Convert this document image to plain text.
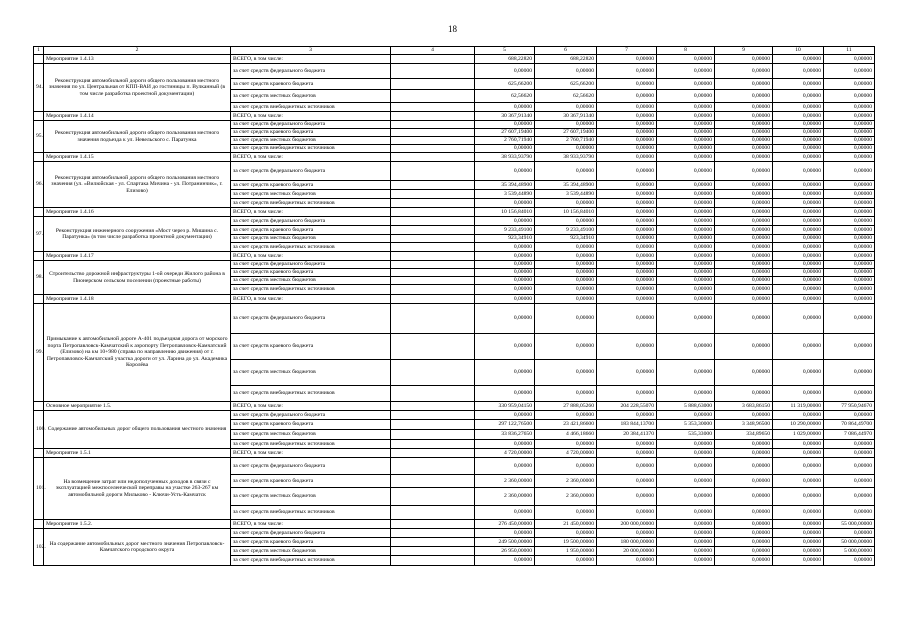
18
1	2	3	4	5	6	7	8	9	10	11
	Мероприятие 1.4.13	ВСЕГО, в том числе:		688,22820	688,22820	0,00000	0,00000	0,00000	0,00000	0,00000
94.	Реконструкция автомобильной дороги общего пользования местного значения по ул. Центральная от КПП-ВАИ до гостиницы п. Вулканный (в том числе разработка проектной документации)	за счет средств федерального бюджета		0,00000	0,00000	0,00000	0,00000	0,00000	0,00000	0,00000
		за счет средств краевого бюджета		625,66200	625,66200	0,00000	0,00000	0,00000	0,00000	0,00000
		за счет средств местных бюджетов		62,56620	62,56620	0,00000	0,00000	0,00000	0,00000	0,00000
		за счет средств внебюджетных источников		0,00000	0,00000	0,00000	0,00000	0,00000	0,00000	0,00000
	Мероприятие 1.4.14	ВСЕГО, в том числе:		30 367,91340	30 367,91340	0,00000	0,00000	0,00000	0,00000	0,00000
95.	Реконструкция автомобильной дороги общего пользования местного значения подъезда к ул. Невельского с. Паратунка	за счет средств федерального бюджета		0,00000	0,00000	0,00000	0,00000	0,00000	0,00000	0,00000
		за счет средств краевого бюджета		27 607,19400	27 607,19400	0,00000	0,00000	0,00000	0,00000	0,00000
		за счет средств местных бюджетов		2 760,71940	2 760,71940	0,00000	0,00000	0,00000	0,00000	0,00000
		за счет средств внебюджетных источников		0,00000	0,00000	0,00000	0,00000	0,00000	0,00000	0,00000
	Мероприятие 1.4.15	ВСЕГО, в том числе:		38 933,93790	38 933,93790	0,00000	0,00000	0,00000	0,00000	0,00000
96.	Реконструкция автомобильной дороги общего пользования местного значения (ул. «Вилюйская - ул. Спартака Мичина - ул. Потранинчик», г. Елизово)	за счет средств федерального бюджета		0,00000	0,00000	0,00000	0,00000	0,00000	0,00000	0,00000
		за счет средств краевого бюджета		35 394,48900	35 394,48900	0,00000	0,00000	0,00000	0,00000	0,00000
		за счет средств местных бюджетов		3 539,44890	3 539,44890	0,00000	0,00000	0,00000	0,00000	0,00000
		за счет средств внебюджетных источников		0,00000	0,00000	0,00000	0,00000	0,00000	0,00000	0,00000
	Мероприятие 1.4.16	ВСЕГО, в том числе:		10 156,84010	10 156,84010	0,00000	0,00000	0,00000	0,00000	0,00000
97.	Реконструкция инженерного сооружения «Мост через р. Мишина с. Паратунка» (в том числе разработка проектной документации)	за счет средств федерального бюджета		0,00000	0,00000	0,00000	0,00000	0,00000	0,00000	0,00000
		за счет средств краевого бюджета		9 233,49100	9 233,49100	0,00000	0,00000	0,00000	0,00000	0,00000
		за счет средств местных бюджетов		923,34910	923,34910	0,00000	0,00000	0,00000	0,00000	0,00000
		за счет средств внебюджетных источников		0,00000	0,00000	0,00000	0,00000	0,00000	0,00000	0,00000
	Мероприятие 1.4.17	ВСЕГО, в том числе:		0,00000	0,00000	0,00000	0,00000	0,00000	0,00000	0,00000
98.	Строительство дорожной инфраструктуры 1-ой очереди Жилого района в Пионерском сельском поселении (проектные работы)	за счет средств федерального бюджета		0,00000	0,00000	0,00000	0,00000	0,00000	0,00000	0,00000
		за счет средств краевого бюджета		0,00000	0,00000	0,00000	0,00000	0,00000	0,00000	0,00000
		за счет средств местных бюджетов		0,00000	0,00000	0,00000	0,00000	0,00000	0,00000	0,00000
		за счет средств внебюджетных источников		0,00000	0,00000	0,00000	0,00000	0,00000	0,00000	0,00000
	Мероприятие 1.4.18	ВСЕГО, в том числе:		0,00000	0,00000	0,00000	0,00000	0,00000	0,00000	0,00000
99.	Примыкание к автомобильной дороге А-401 подъездная дорога от морского порта Петропавловск-Камчатский к аэропорту Петропавловск-Камчатский (Елизово) на км 10+980 (справа по направлению движения) от г. Петропавловск-Камчатский участка дороги от ул. Ларина до ул. Академика Королёва	за счет средств федерального бюджета		0,00000	0,00000	0,00000	0,00000	0,00000	0,00000	0,00000
		за счет средств краевого бюджета		0,00000	0,00000	0,00000	0,00000	0,00000	0,00000	0,00000
		за счет средств местных бюджетов		0,00000	0,00000	0,00000	0,00000	0,00000	0,00000	0,00000
		за счет средств внебюджетных источников		0,00000	0,00000	0,00000	0,00000	0,00000	0,00000	0,00000
	Основное мероприятие 1.5.	ВСЕГО, в том числе:		330 959,04150	27 888,05260	204 228,55070	5 888,63000	3 683,86150	11 319,00000	77 950,94670
100.	Содержание автомобильных дорог общего пользования местного значения	за счет средств федерального бюджета		0,00000	0,00000	0,00000	0,00000	0,00000	0,00000	0,00000
		за счет средств краевого бюджета		297 122,76500	23 421,86600	183 844,13700	5 353,30000	3 348,96500	10 290,00000	70 864,49700
		за счет средств местных бюджетов		33 836,27650	4 466,18660	20 384,41370	535,33000	334,89650	1 029,00000	7 086,44970
		за счет средств внебюджетных источников		0,00000	0,00000	0,00000	0,00000	0,00000	0,00000	0,00000
	Мероприятие 1.5.1	ВСЕГО, в том числе:		4 720,00000	4 720,00000	0,00000	0,00000	0,00000	0,00000	0,00000
101.	На возмещение затрат или недополученных доходов в связи с эксплуатацией межпоселенческой переправы на участке 263-267 км автомобильной дороги Мильково - Ключи-Усть-Камчатск	за счет средств федерального бюджета		0,00000	0,00000	0,00000	0,00000	0,00000	0,00000	0,00000
		за счет средств краевого бюджета		2 360,00000	2 360,00000	0,00000	0,00000	0,00000	0,00000	0,00000
		за счет средств местных бюджетов		2 360,00000	2 360,00000	0,00000	0,00000	0,00000	0,00000	0,00000
		за счет средств внебюджетных источников		0,00000	0,00000	0,00000	0,00000	0,00000	0,00000	0,00000
	Мероприятие 1.5.2.	ВСЕГО, в том числе:		276 450,00000	21 450,00000	200 000,00000	0,00000	0,00000	0,00000	55 000,00000
102.	На содержание автомобильных дорог местного значения Петропавловск-Камчатского городского округа	за счет средств федерального бюджета		0,00000	0,00000	0,00000	0,00000	0,00000	0,00000	0,00000
		за счет средств краевого бюджета		249 500,00000	19 500,00000	180 000,00000	0,00000	0,00000	0,00000	50 000,00000
		за счет средств местных бюджетов		26 950,00000	1 950,00000	20 000,00000	0,00000	0,00000	0,00000	5 000,00000
		за счет средств внебюджетных источников		0,00000	0,00000	0,00000	0,00000	0,00000	0,00000	0,00000
